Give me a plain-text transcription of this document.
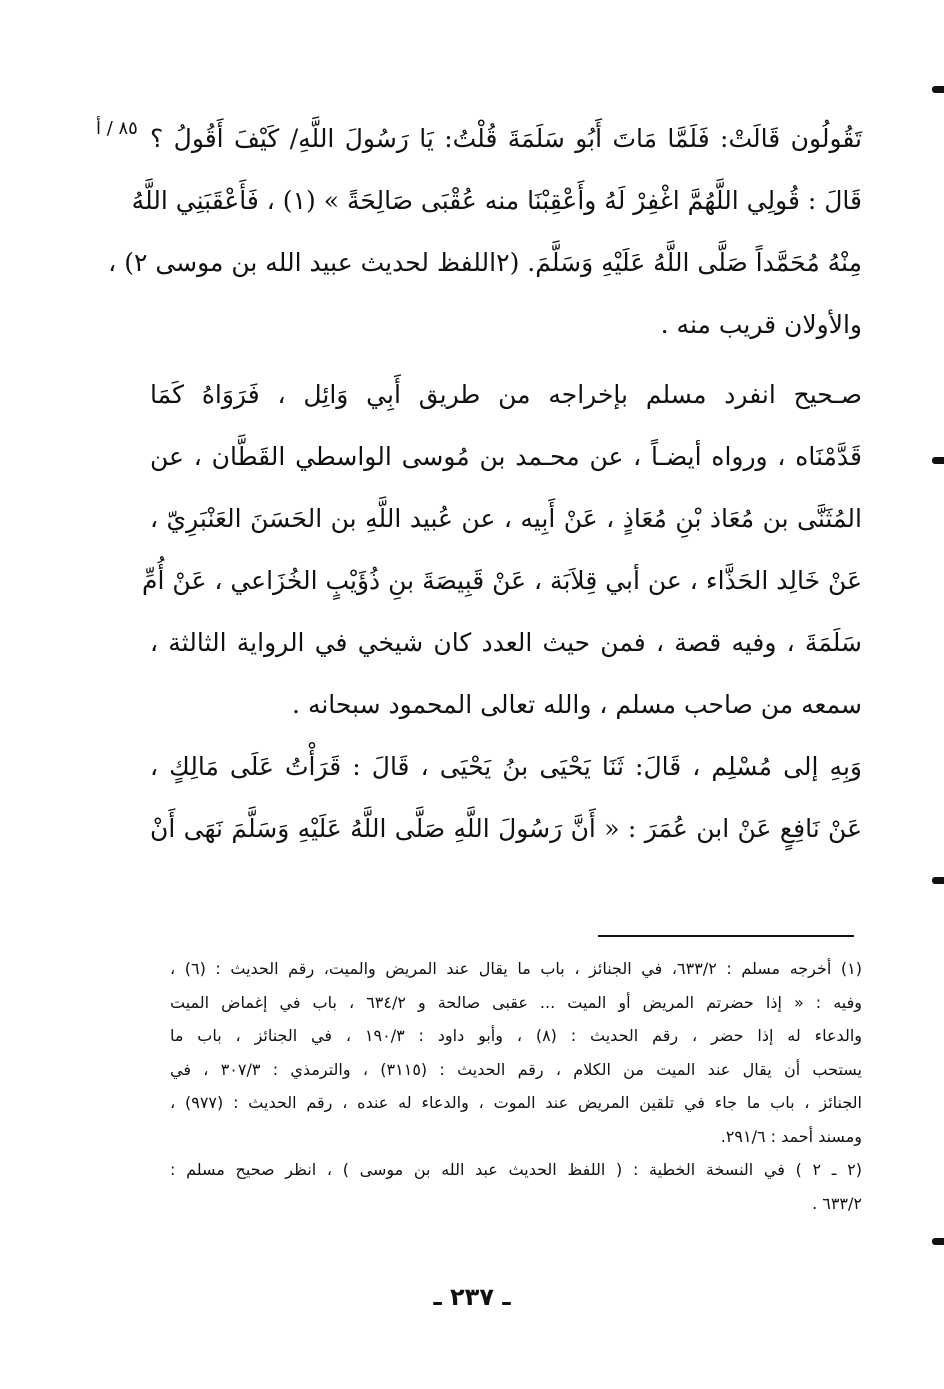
٨٥ / أ تَقُولُون قَالَتْ: فَلَمَّا مَاتَ أَبُو سَلَمَةَ قُلْتُ: يَا رَسُولَ اللَّهِ/ كَيْفَ أَقُولُ ؟
قَالَ : قُولِي اللَّهُمَّ اغْفِرْ لَهُ وأَعْقِبْنَا منه عُقْبَى صَالِحَةً » (١) ، فَأَعْقَبَنِي اللَّهُ
مِنْهُ مُحَمَّداً صَلَّى اللَّهُ عَلَيْهِ وَسَلَّمَ. (٢اللفظ لحديث عبيد الله بن موسى ٢) ،
والأولان قريب منه .
صـحيح انفرد مسلم بإخراجه من طريق أَبِي وَائِل ، فَرَوَاهُ كَمَا
قَدَّمْنَاه ، ورواه أيضـاً ، عن محـمد بن مُوسى الواسطي القَطَّان ، عن
المُثَنَّى بن مُعَاذ بْنِ مُعَاذٍ ، عَنْ أَبِيه ، عن عُبيد اللَّهِ بن الحَسَنَ العَنْبَرِيّ ،
عَنْ خَالِد الحَذَّاء ، عن أبي قِلاَبَة ، عَنْ قَبِيصَةَ بنِ ذُؤَيْبٍ الخُزَاعي ، عَنْ أُمِّ
سَلَمَةَ ، وفيه قصة ، فمن حيث العدد كان شيخي في الرواية الثالثة ،
سمعه من صاحب مسلم ، والله تعالى المحمود سبحانه .
وَبِهِ إلى مُسْلِم ، قَالَ: ثَنَا يَحْيَى بنُ يَحْيَى ، قَالَ : قَرَأْتُ عَلَى مَالِكٍ ،
عَنْ نَافِعٍ عَنْ ابن عُمَرَ : « أَنَّ رَسُولَ اللَّهِ صَلَّى اللَّهُ عَلَيْهِ وَسَلَّمَ نَهَى أَنْ
(١) أخرجه مسلم : ٦٣٣/٢، في الجنائز ، باب ما يقال عند المريض والميت، رقم الحديث : (٦) ،
وفيه : « إذا حضرتم المريض أو الميت ... عقبى صالحة و ٦٣٤/٢ ، باب في إغماض الميت
والدعاء له إذا حضر ، رقم الحديث : (٨) ، وأبو داود : ١٩٠/٣ ، في الجنائز ، باب ما
يستحب أن يقال عند الميت من الكلام ، رقم الحديث : (٣١١٥) ، والترمذي : ٣٠٧/٣ ، في
الجنائز ، باب ما جاء في تلقين المريض عند الموت ، والدعاء له عنده ، رقم الحديث : (٩٧٧) ،
ومسند أحمد : ٢٩١/٦.
(٢ ـ ٢ ) في النسخة الخطية : ( اللفظ الحديث عبد الله بن موسى ) ، انظر صحيح مسلم :
٦٣٣/٢ .
ـ ٢٣٧ ـ
